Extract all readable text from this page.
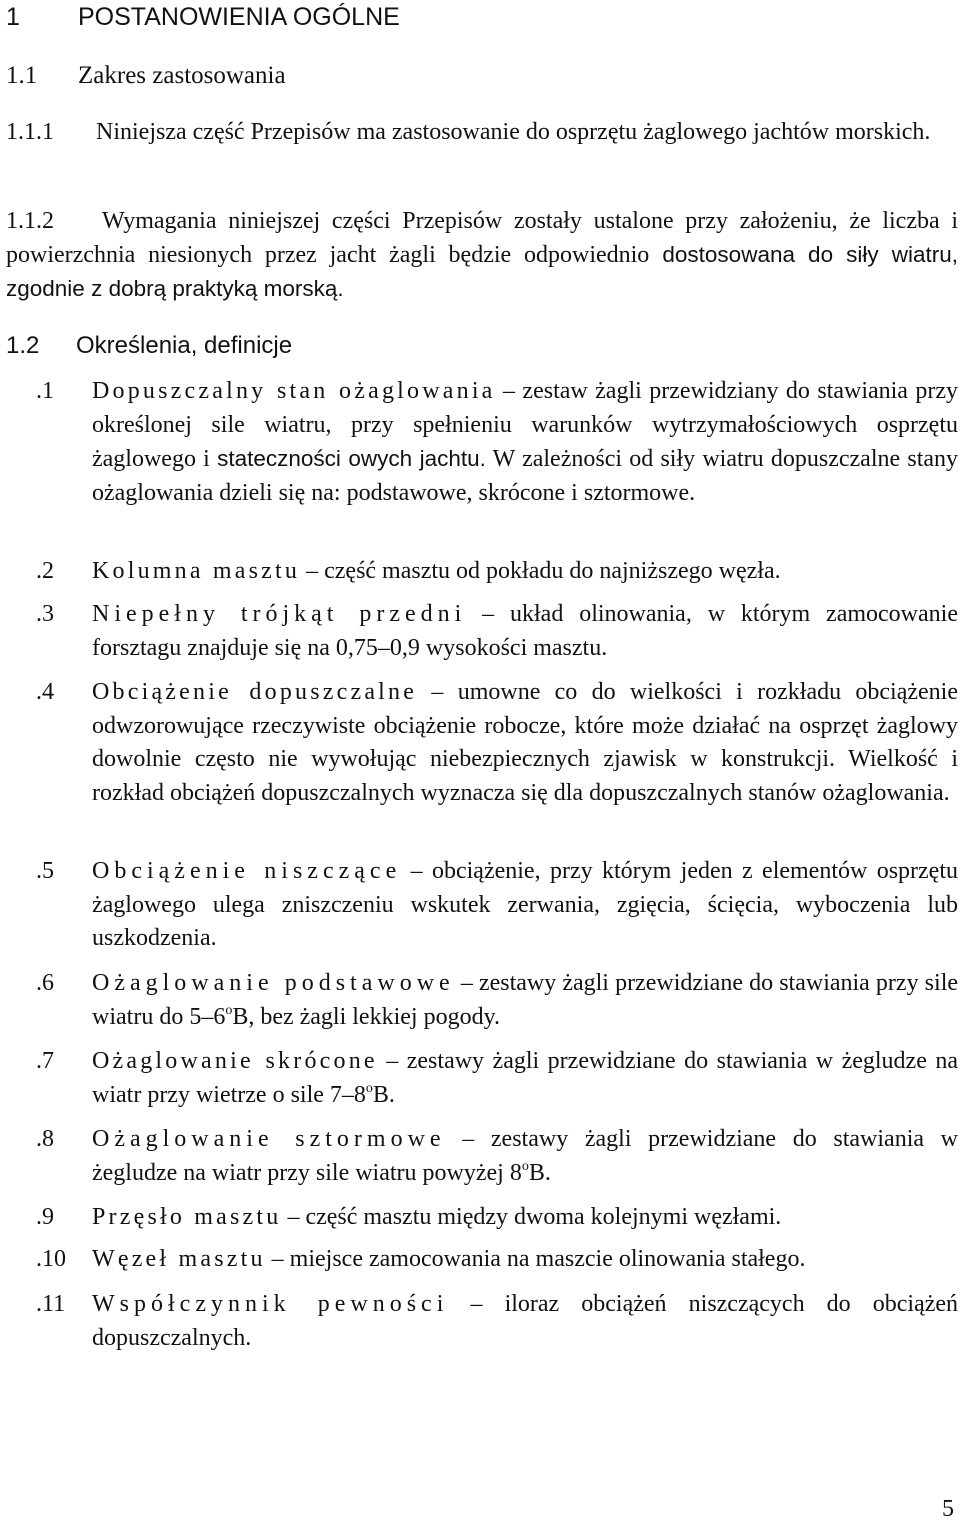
1 POSTANOWIENIA OGÓLNE
1.1 Zakres zastosowania
1.1.1 Niniejsza część Przepisów ma zastosowanie do osprzętu żaglowego jachtów morskich.
1.1.2 Wymagania niniejszej części Przepisów zostały ustalone przy założeniu, że liczba i powierzchnia niesionych przez jacht żagli będzie odpowiednio dostosowana do siły wiatru, zgodnie z dobrą praktyką morską.
1.2 Określenia, definicje
.1 Dopuszczalny stan ożaglowania – zestaw żagli przewidziany do stawiania przy określonej sile wiatru, przy spełnieniu warunków wytrzymałościowych osprzętu żaglowego i stateczności owych jachtu. W zależności od siły wiatru dopuszczalne stany ożaglowania dzieli się na: podstawowe, skrócone i sztormowe.
.2 Kolumna masztu – część masztu od pokładu do najniższego węzła.
.3 Niepełny trójkąt przedni – układ olinowania, w którym zamocowanie forsztagu znajduje się na 0,75–0,9 wysokości masztu.
.4 Obciążenie dopuszczalne – umowne co do wielkości i rozkładu obciążenie odwzorowujące rzeczywiste obciążenie robocze, które może działać na osprzęt żaglowy dowolnie często nie wywołując niebezpiecznych zjawisk w konstrukcji. Wielkość i rozkład obciążeń dopuszczalnych wyznacza się dla dopuszczalnych stanów ożaglowania.
.5 Obciążenie niszczące – obciążenie, przy którym jeden z elementów osprzętu żaglowego ulega zniszczeniu wskutek zerwania, zgięcia, ścięcia, wyboczenia lub uszkodzenia.
.6 Ożaglowanie podstawowe – zestawy żagli przewidziane do stawiania przy sile wiatru do 5–6$^o$B, bez żagli lekkiej pogody.
.7 Ożaglowanie skrócone – zestawy żagli przewidziane do stawiania w żegludze na wiatr przy wietrze o sile 7–8$^o$B.
.8 Ożaglowanie sztormowe – zestawy żagli przewidziane do stawiania w żegludze na wiatr przy sile wiatru powyżej 8$^o$B.
.9 Przęsło masztu – część masztu między dwoma kolejnymi węzłami.
.10 Węzeł masztu – miejsce zamocowania na maszcie olinowania stałego.
.11 Współczynnik pewności – iloraz obciążeń niszczących do obciążeń dopuszczalnych.
5
